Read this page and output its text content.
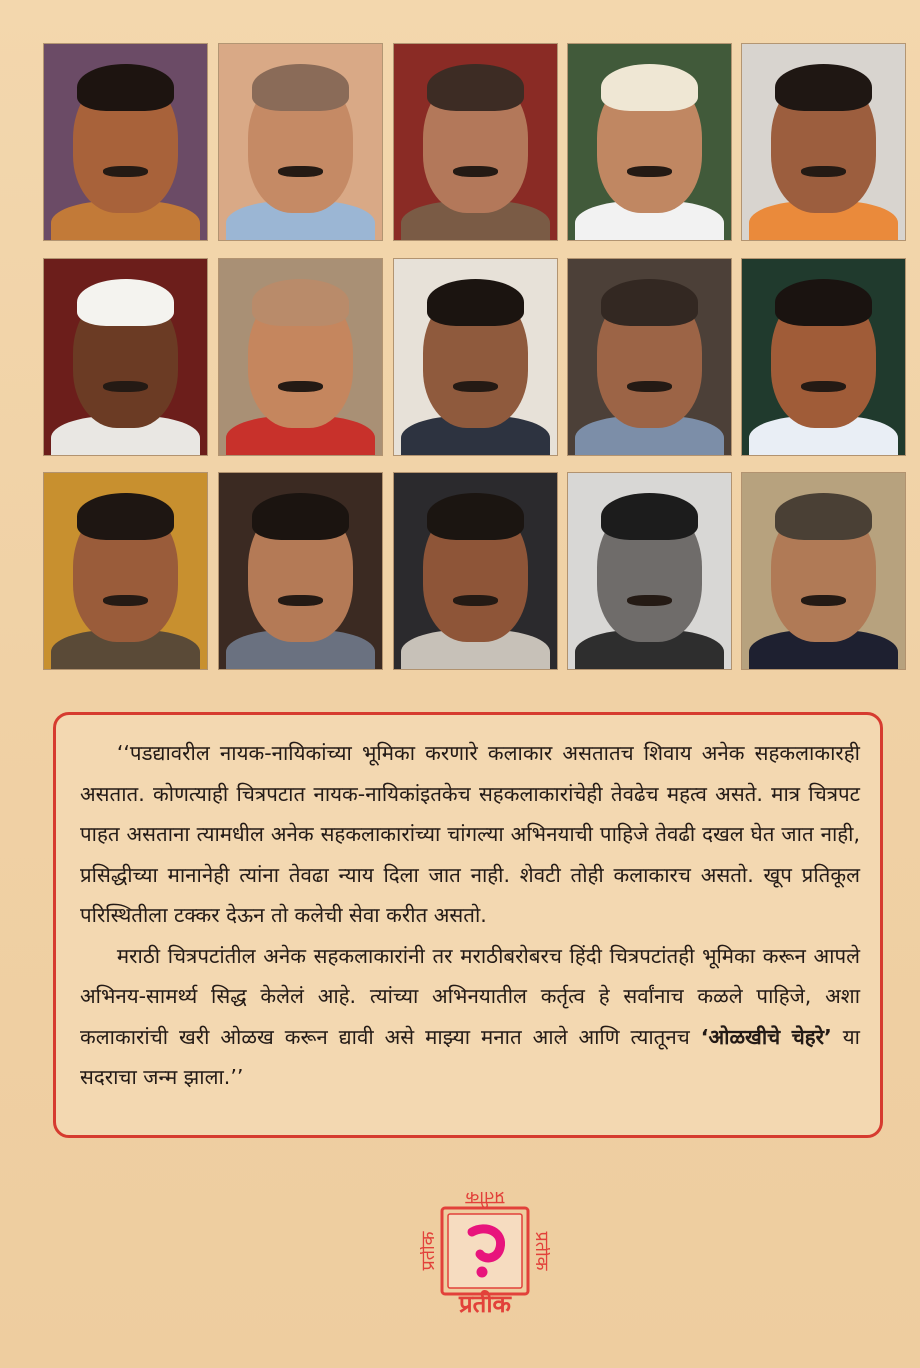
‘‘पडद्यावरील नायक-नायिकांच्या भूमिका करणारे कलाकार असतातच शिवाय अनेक सहकलाकारही असतात. कोणत्याही चित्रपटात नायक-नायिकांइतकेच सहकलाकारांचेही तेवढेच महत्व असते. मात्र चित्रपट पाहत असताना त्यामधील अनेक सहकलाकारांच्या चांगल्या अभिनयाची पाहिजे तेवढी दखल घेत जात नाही, प्रसिद्धीच्या मानानेही त्यांना तेवढा न्याय दिला जात नाही. शेवटी तोही कलाकारच असतो. खूप प्रतिकूल परिस्थितीला टक्कर देऊन तो कलेची सेवा करीत असतो.

मराठी चित्रपटांतील अनेक सहकलाकारांनी तर मराठीबरोबरच हिंदी चित्रपटांतही भूमिका करून आपले अभिनय-सामर्थ्य सिद्ध केलेलं आहे. त्यांच्या अभिनयातील कर्तृत्व हे सर्वांनाच कळले पाहिजे, अशा कलाकारांची खरी ओळख करून द्यावी असे माझ्या मनात आले आणि त्यातूनच ‘ओळखीचे चेहरे’ या सदराचा जन्म झाला.’’

प्रतीक
प्रतीक
प्रतीक	प्रतीक
